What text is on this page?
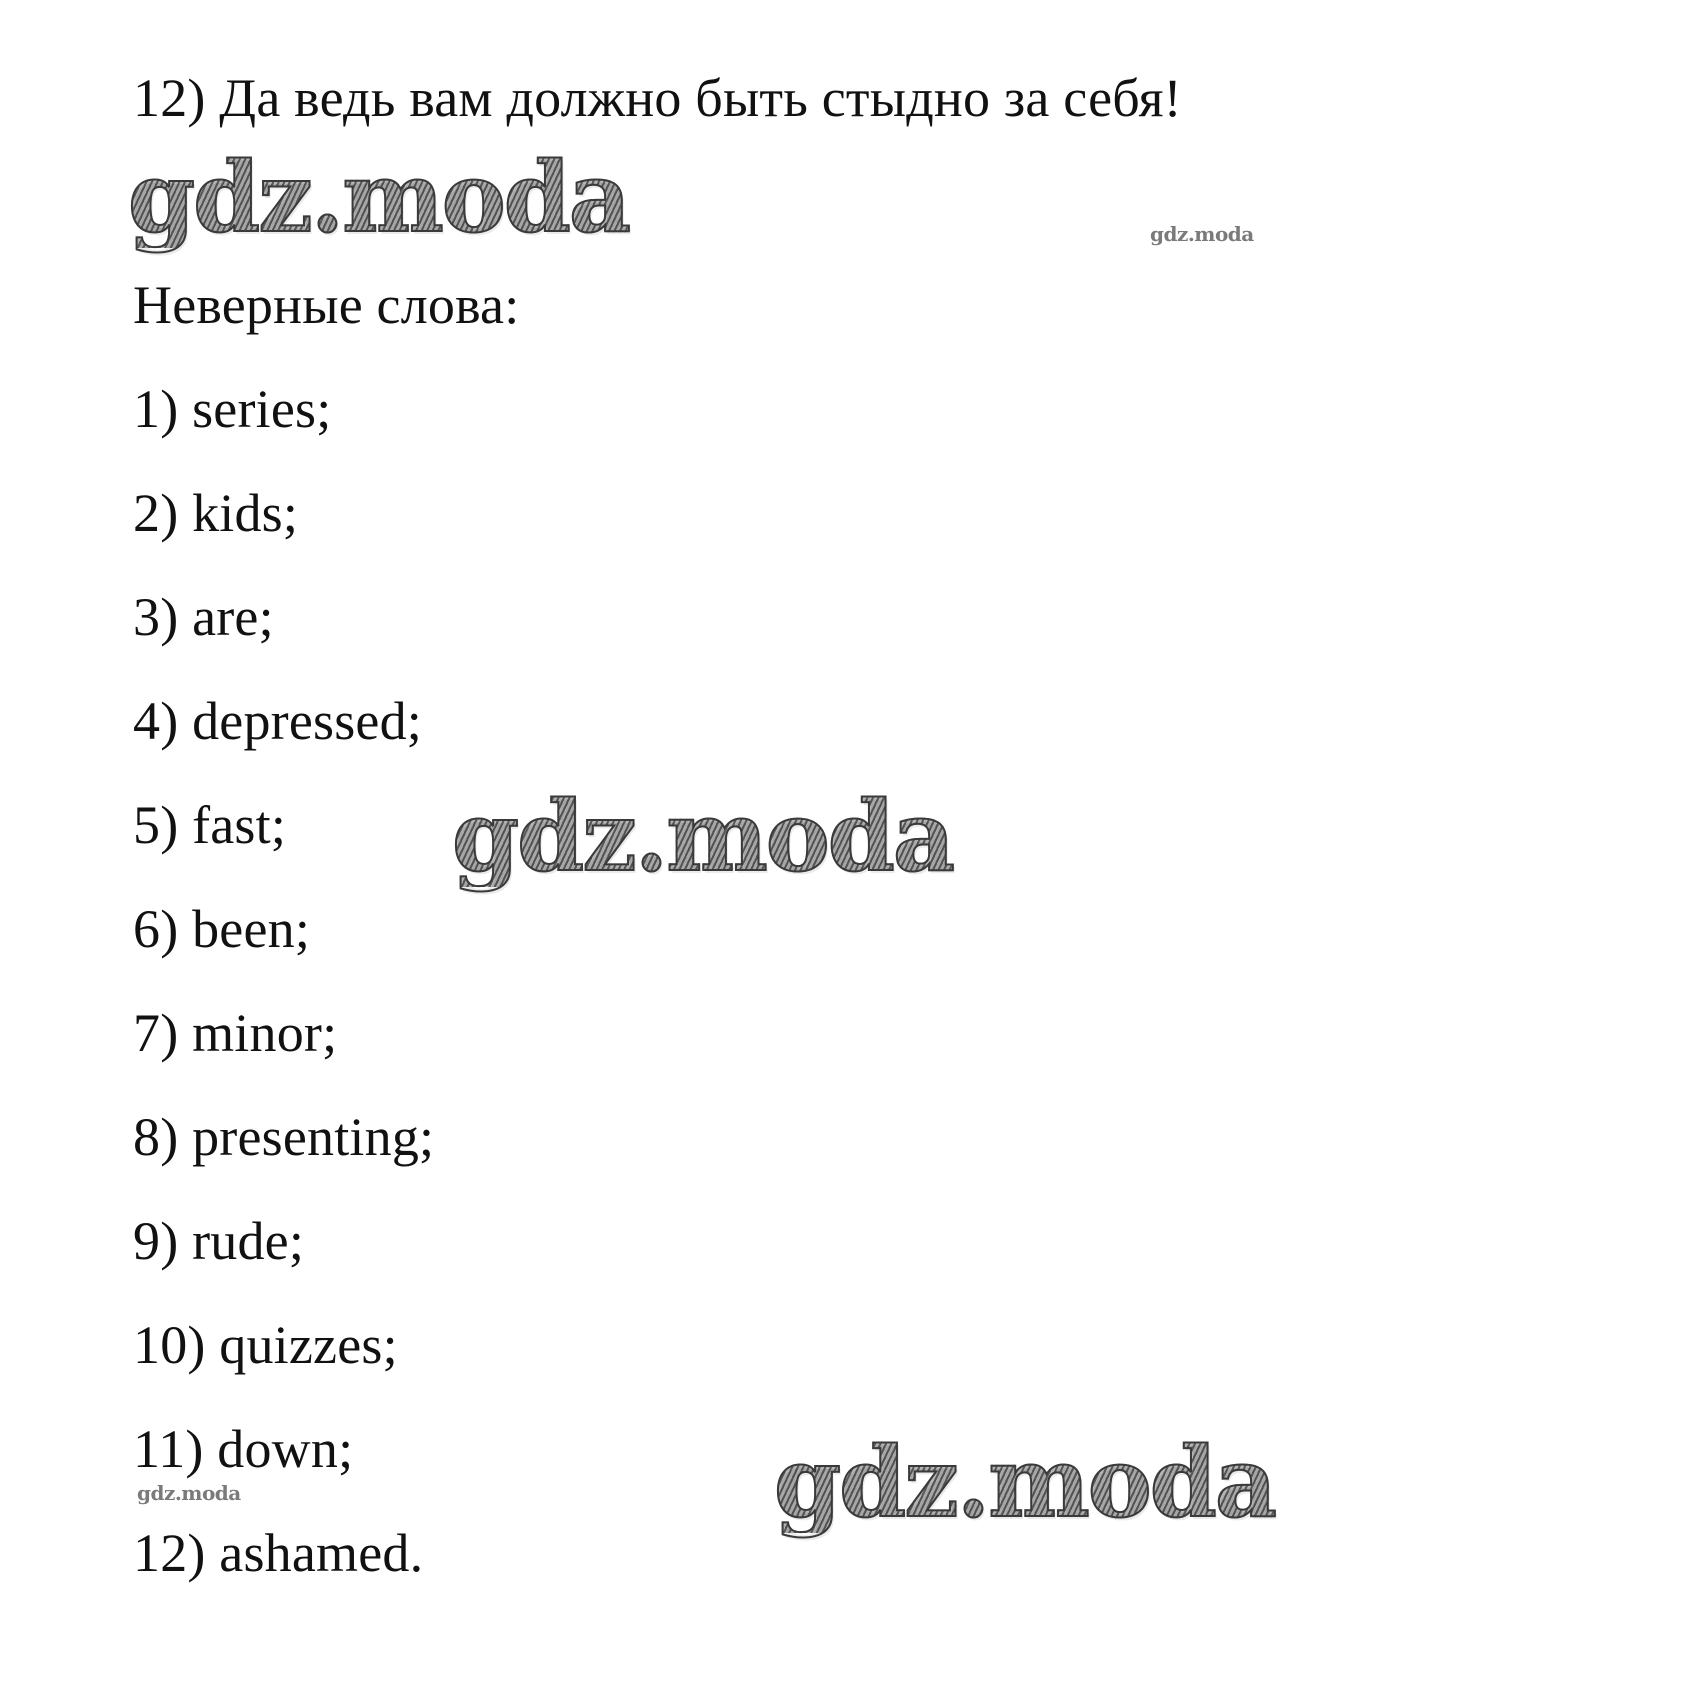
12) Да ведь вам должно быть стыдно за себя!
Неверные слова:
1) series;
2) kids;
3) are;
4) depressed;
5) fast;
6) been;
7) minor;
8) presenting;
9) rude;
10) quizzes;
11) down;
12) ashamed.
gdz.moda	gdz.moda
gdz.moda
gdz.moda	gdz.moda
